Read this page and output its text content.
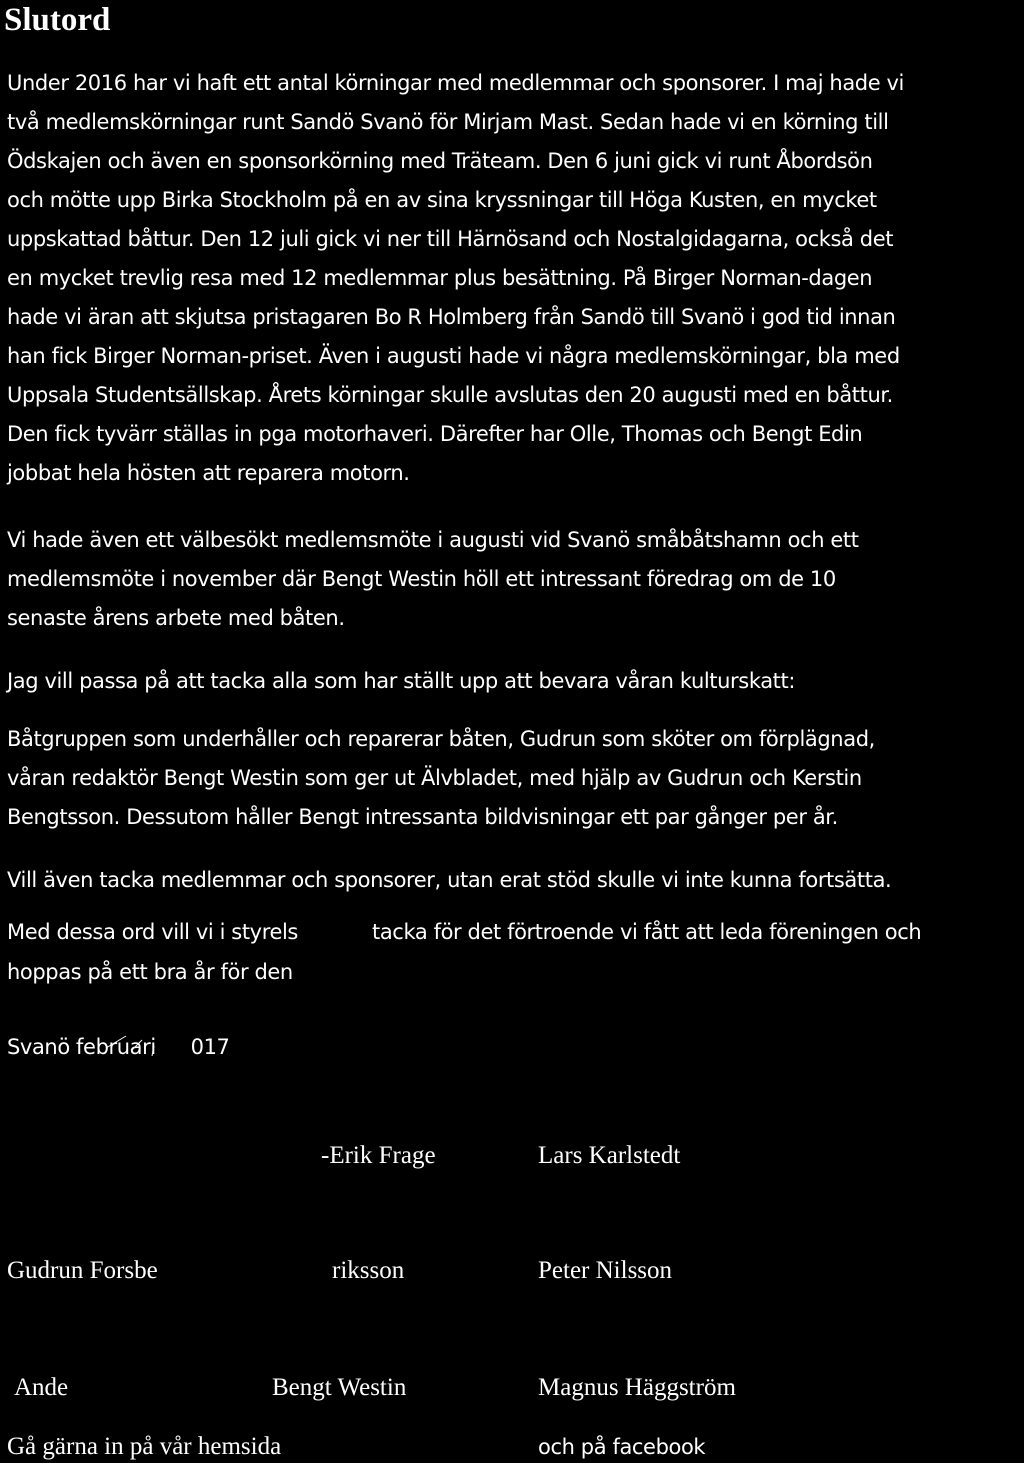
Slutord
Under 2016 har vi haft ett antal körningar med medlemmar och sponsorer. I maj hade vi
två medlemskörningar runt Sandö Svanö för Mirjam Mast. Sedan hade vi en körning till
Ödskajen och även en sponsorkörning med Träteam. Den 6 juni gick vi runt Åbordsön
och mötte upp Birka Stockholm på en av sina kryssningar till Höga Kusten, en mycket
uppskattad båttur. Den 12 juli gick vi ner till Härnösand och Nostalgidagarna, också det
en mycket trevlig resa med 12 medlemmar plus besättning. På Birger Norman-dagen
hade vi äran att skjutsa pristagaren Bo R Holmberg från Sandö till Svanö i god tid innan
han fick Birger Norman-priset. Även i augusti hade vi några medlemskörningar, bla med
Uppsala Studentsällskap. Årets körningar skulle avslutas den 20 augusti med en båttur.
Den fick tyvärr ställas in pga motorhaveri. Därefter har Olle, Thomas och Bengt Edin
jobbat hela hösten att reparera motorn.
Vi hade även ett välbesökt medlemsmöte i augusti vid Svanö småbåtshamn och ett
medlemsmöte i november där Bengt Westin höll ett intressant föredrag om de 10
senaste årens arbete med båten.
Jag vill passa på att tacka alla som har ställt upp att bevara våran kulturskatt:
Båtgruppen som underhåller och reparerar båten, Gudrun som sköter om förplägnad,
våran redaktör Bengt Westin som ger ut Älvbladet, med hjälp av Gudrun och Kerstin
Bengtsson. Dessutom håller Bengt intressanta bildvisningar ett par gånger per år.
Vill även tacka medlemmar och sponsorer, utan erat stöd skulle vi inte kunna fortsätta.

Med dessa ord vill vi i styrels	tacka för det förtroende vi fått att leda föreningen och

hoppas på ett bra år för den

Svanö februari 017

-Erik Frage	Lars Karlstedt

Gudrun Forsbe	riksson	Peter Nilsson

Ande	Bengt Westin	Magnus Häggström

Gå gärna in på vår hemsida	och på facebook
